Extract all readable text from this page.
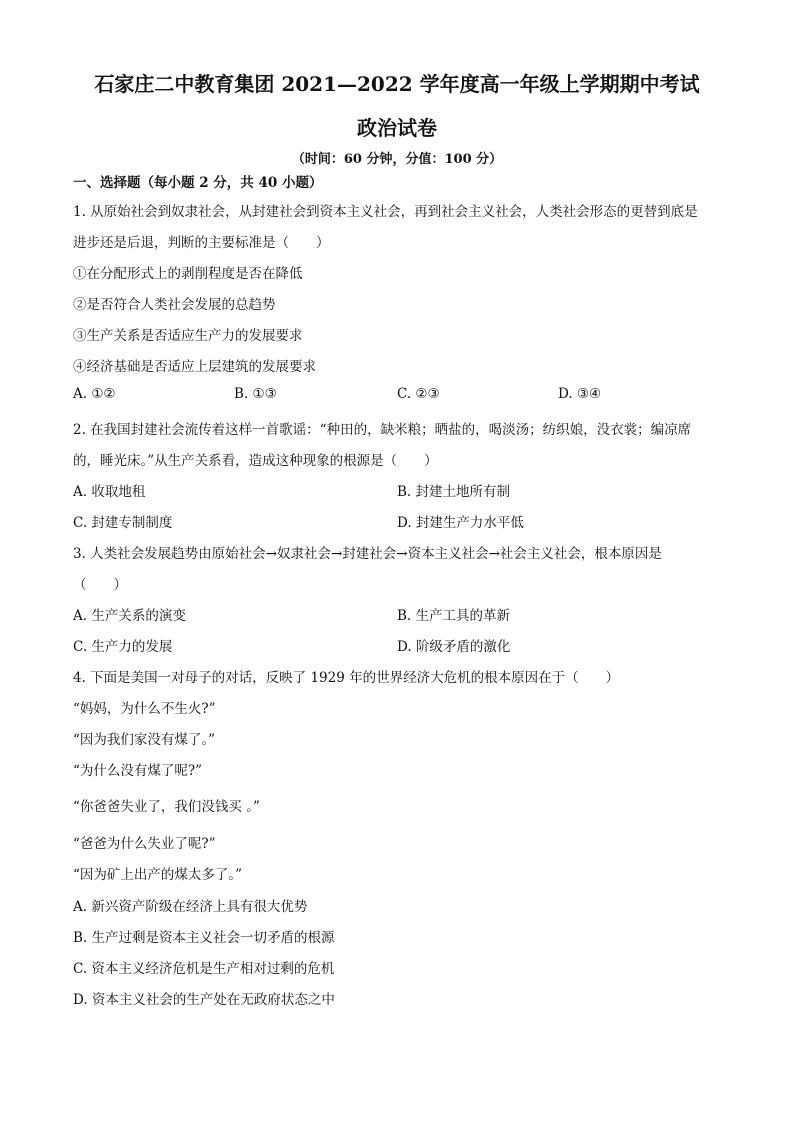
石家庄二中教育集团 2021—2022 学年度高一年级上学期期中考试
政治试卷
（时间：60 分钟，分值：100 分）
一、选择题（每小题 2 分，共 40 小题）
1. 从原始社会到奴隶社会，从封建社会到资本主义社会，再到社会主义社会，人类社会形态的更替到底是
进步还是后退，判断的主要标准是（　　）
①在分配形式上的剥削程度是否在降低
②是否符合人类社会发展的总趋势
③生产关系是否适应生产力的发展要求
④经济基础是否适应上层建筑的发展要求
A. ①②	B. ①③	C. ②③	D. ③④
2. 在我国封建社会流传着这样一首歌谣：“种田的，缺米粮；晒盐的，喝淡汤；纺织娘，没衣裳；编凉席
的，睡光床。”从生产关系看，造成这种现象的根源是（　　）
A. 收取地租	B. 封建土地所有制
C. 封建专制制度	D. 封建生产力水平低
3. 人类社会发展趋势由原始社会→奴隶社会→封建社会→资本主义社会→社会主义社会，根本原因是
（　　）
A. 生产关系的演变	B. 生产工具的革新
C. 生产力的发展	D. 阶级矛盾的激化
4. 下面是美国一对母子的对话，反映了 1929 年的世界经济大危机的根本原因在于（　　）
“妈妈，为什么不生火?”
“因为我们家没有煤了。”
“为什么没有煤了呢?”
“你爸爸失业了，我们没钱买 。”
“爸爸为什么失业了呢?”
“因为矿上出产的煤太多了。”
A. 新兴资产阶级在经济上具有很大优势
B. 生产过剩是资本主义社会一切矛盾的根源
C. 资本主义经济危机是生产相对过剩的危机
D. 资本主义社会的生产处在无政府状态之中
